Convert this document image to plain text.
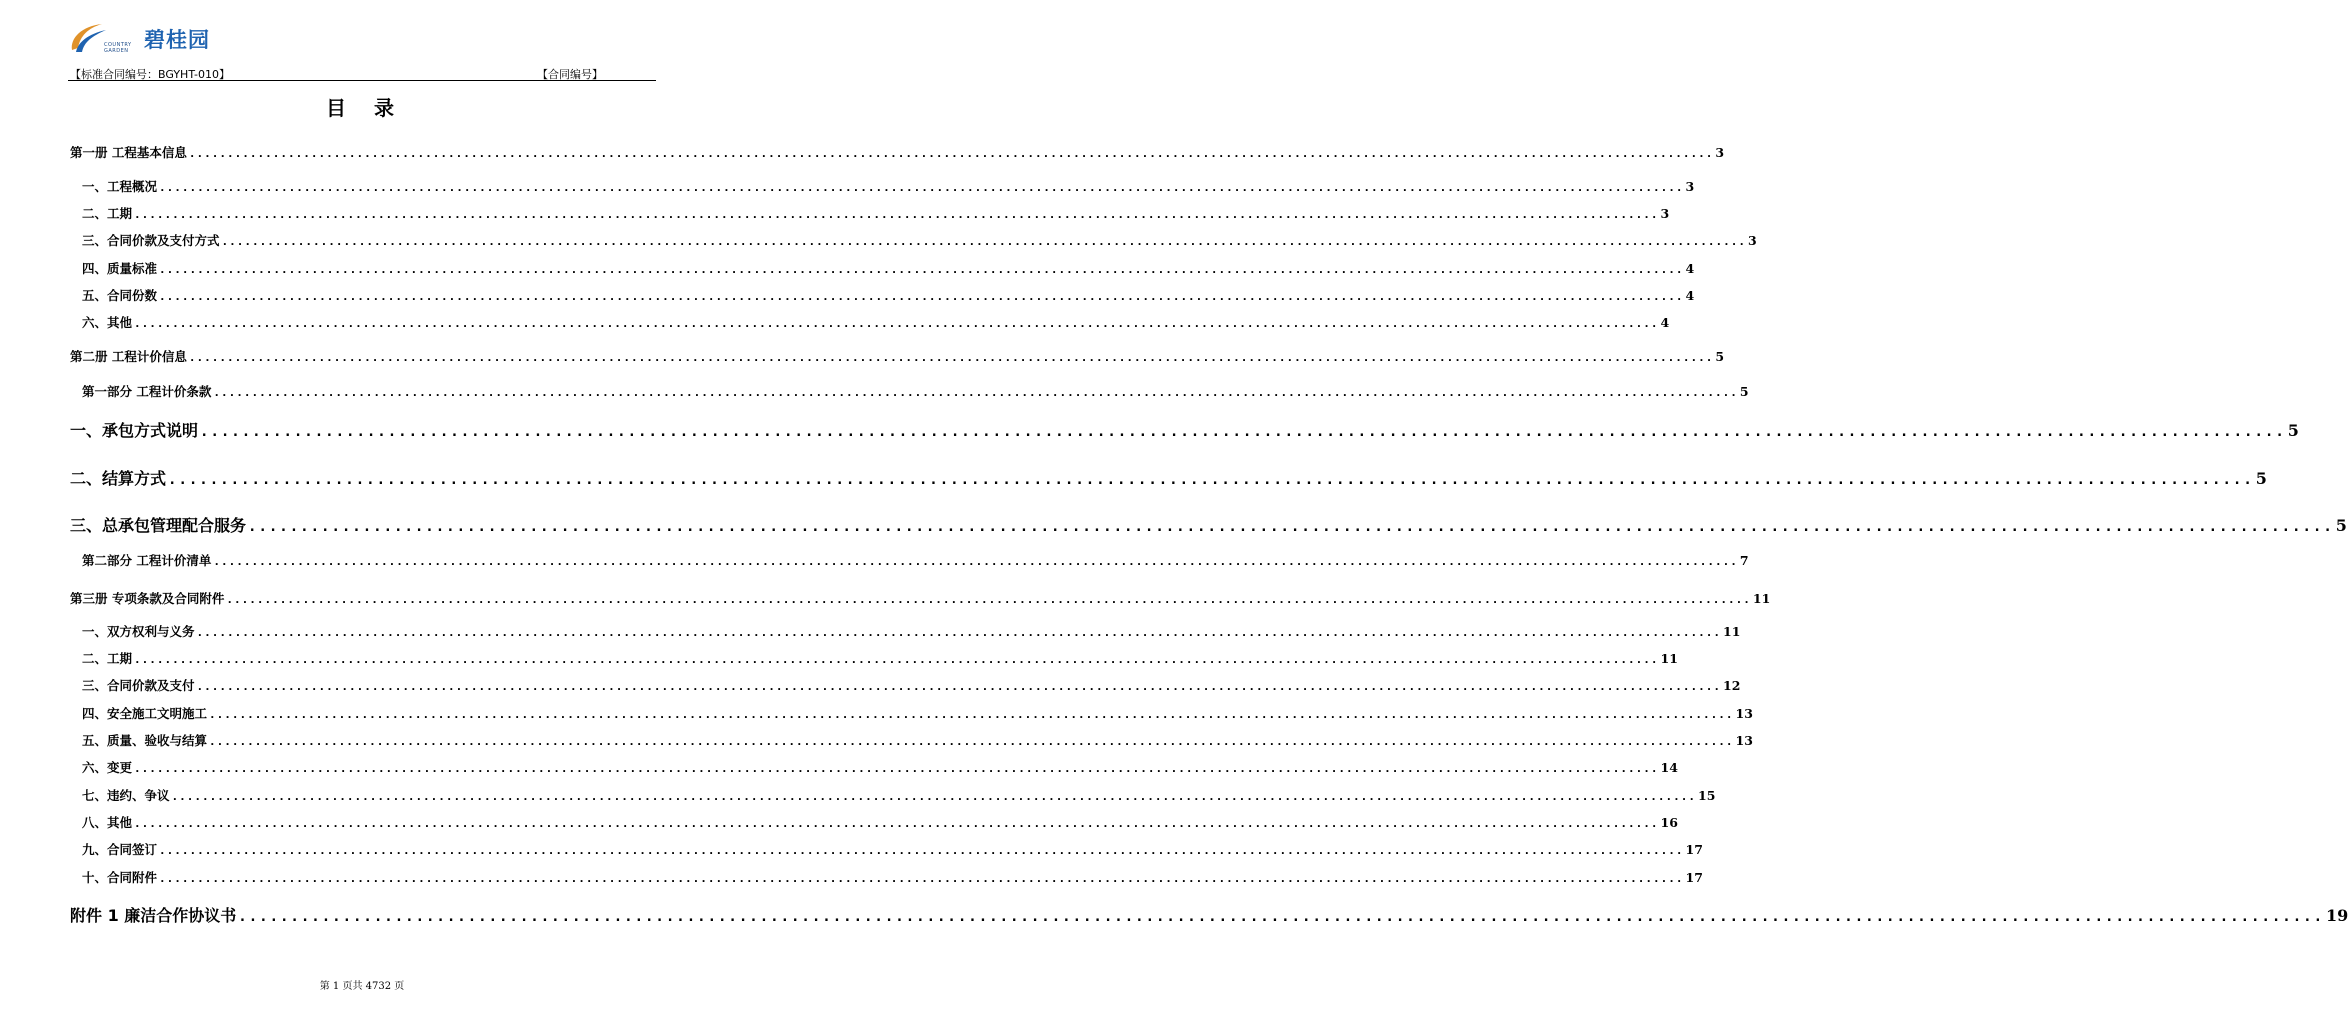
COUNTRY
GARDEN 碧桂园
【标准合同编号：BGYHT-010】	【合同编号】
目　录
第一册 工程基本信息 ........................................................................................................................................................................................................ 3
一、工程概况 ........................................................................................................................................................................................................ 3
二、工期 ........................................................................................................................................................................................................ 3
三、合同价款及支付方式 ........................................................................................................................................................................................................ 3
四、质量标准 ........................................................................................................................................................................................................ 4
五、合同份数 ........................................................................................................................................................................................................ 4
六、其他 ........................................................................................................................................................................................................ 4
第二册 工程计价信息 ........................................................................................................................................................................................................ 5
第一部分 工程计价条款 ........................................................................................................................................................................................................ 5
一、承包方式说明 ........................................................................................................................................................................................................ 5
二、结算方式 ........................................................................................................................................................................................................ 5
三、总承包管理配合服务 ........................................................................................................................................................................................................ 5
第二部分 工程计价清单 ........................................................................................................................................................................................................ 7
第三册 专项条款及合同附件 ........................................................................................................................................................................................................ 11
一、双方权利与义务 ........................................................................................................................................................................................................ 11
二、工期 ........................................................................................................................................................................................................ 11
三、合同价款及支付 ........................................................................................................................................................................................................ 12
四、安全施工文明施工 ........................................................................................................................................................................................................ 13
五、质量、验收与结算 ........................................................................................................................................................................................................ 13
六、变更 ........................................................................................................................................................................................................ 14
七、违约、争议 ........................................................................................................................................................................................................ 15
八、其他 ........................................................................................................................................................................................................ 16
九、合同签订 ........................................................................................................................................................................................................ 17
十、合同附件 ........................................................................................................................................................................................................ 17
附件 1 廉洁合作协议书 ........................................................................................................................................................................................................ 19
第 1 页共 4732 页
